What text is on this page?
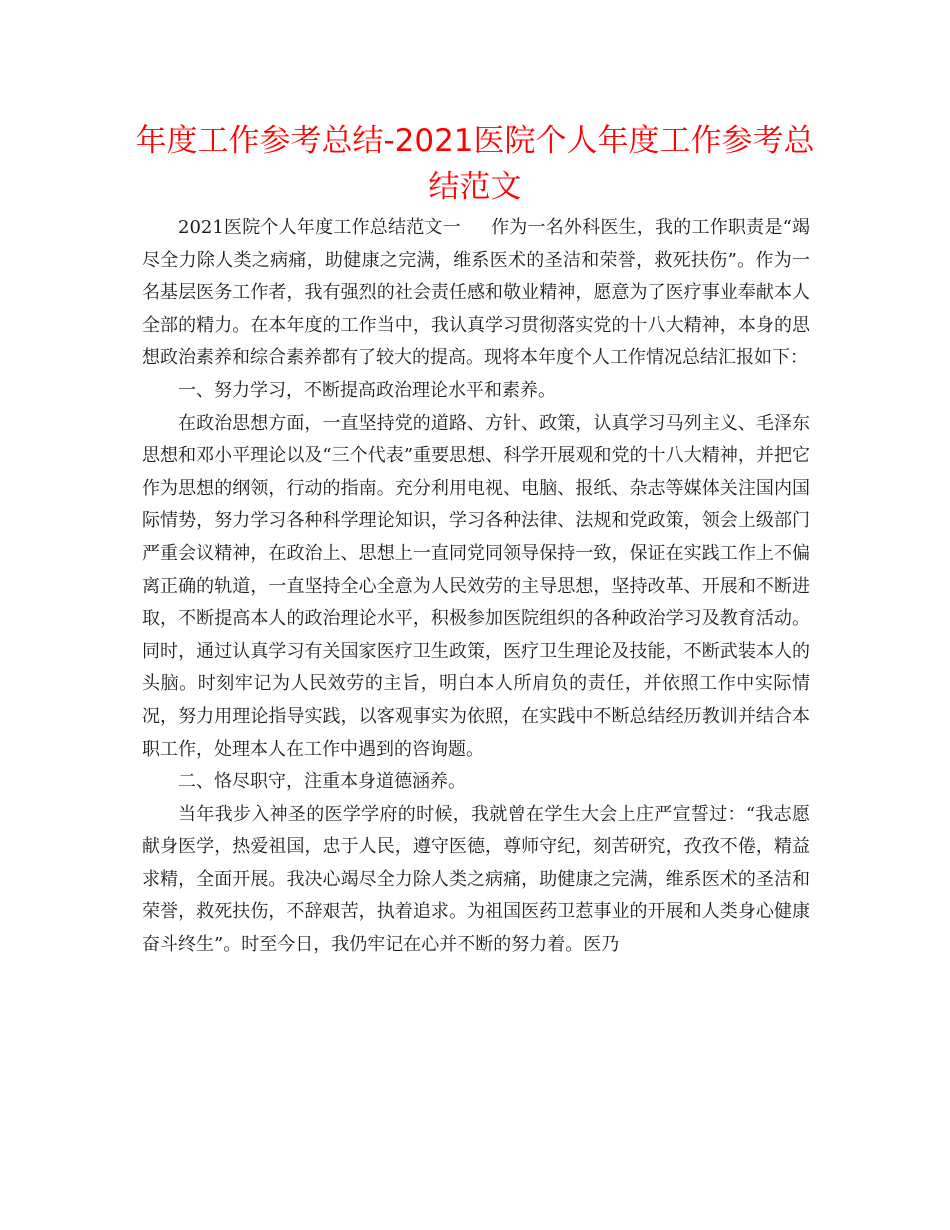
年度工作参考总结-2021医院个人年度工作参考总结范文

2021医院个人年度工作总结范文一 作为一名外科医生，我的工作职责是“竭尽全力除人类之病痛，助健康之完满，维系医术的圣洁和荣誉，救死扶伤”。作为一名基层医务工作者，我有强烈的社会责任感和敬业精神，愿意为了医疗事业奉献本人全部的精力。在本年度的工作当中，我认真学习贯彻落实党的十八大精神，本身的思想政治素养和综合素养都有了较大的提高。现将本年度个人工作情况总结汇报如下：

一、努力学习，不断提高政治理论水平和素养。

在政治思想方面，一直坚持党的道路、方针、政策，认真学习马列主义、毛泽东思想和邓小平理论以及“三个代表”重要思想、科学开展观和党的十八大精神，并把它作为思想的纲领，行动的指南。充分利用电视、电脑、报纸、杂志等媒体关注国内国际情势，努力学习各种科学理论知识，学习各种法律、法规和党政策，领会上级部门严重会议精神，在政治上、思想上一直同党同领导保持一致，保证在实践工作上不偏离正确的轨道，一直坚持全心全意为人民效劳的主导思想，坚持改革、开展和不断进取，不断提高本人的政治理论水平，积极参加医院组织的各种政治学习及教育活动。同时，通过认真学习有关国家医疗卫生政策，医疗卫生理论及技能，不断武装本人的头脑。时刻牢记为人民效劳的主旨，明白本人所肩负的责任，并依照工作中实际情况，努力用理论指导实践，以客观事实为依照，在实践中不断总结经历教训并结合本职工作，处理本人在工作中遇到的咨询题。

二、恪尽职守，注重本身道德涵养。

当年我步入神圣的医学学府的时候，我就曾在学生大会上庄严宣誓过：“我志愿献身医学，热爱祖国，忠于人民，遵守医德，尊师守纪，刻苦研究，孜孜不倦，精益求精，全面开展。我决心竭尽全力除人类之病痛，助健康之完满，维系医术的圣洁和荣誉，救死扶伤，不辞艰苦，执着追求。为祖国医药卫惹事业的开展和人类身心健康奋斗终生”。时至今日，我仍牢记在心并不断的努力着。医乃
